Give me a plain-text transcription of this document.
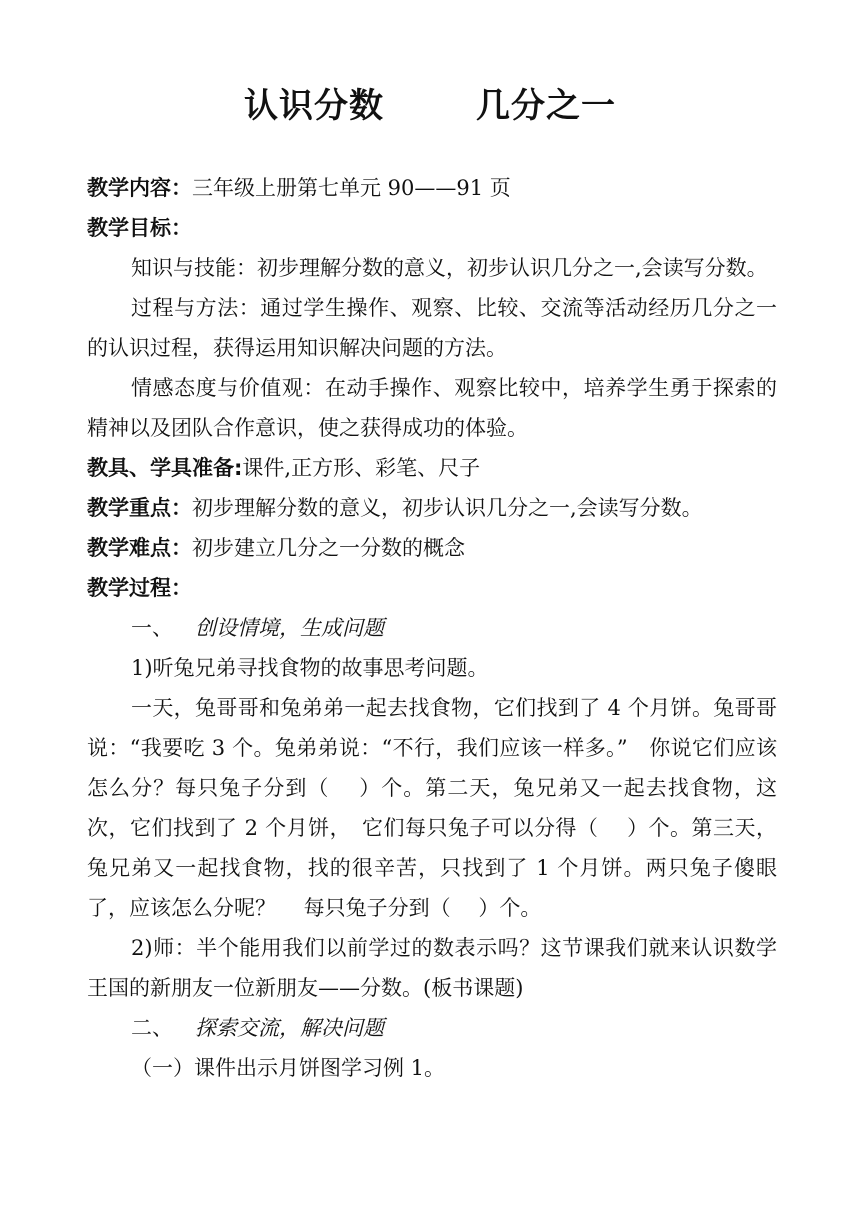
认识分数	几分之一

教学内容：三年级上册第七单元 90——91 页

教学目标：

知识与技能：初步理解分数的意义，初步认识几分之一,会读写分数。

过程与方法：通过学生操作、观察、比较、交流等活动经历几分之一的认识过程，获得运用知识解决问题的方法。

情感态度与价值观：在动手操作、观察比较中，培养学生勇于探索的精神以及团队合作意识，使之获得成功的体验。

教具、学具准备:课件,正方形、彩笔、尺子

教学重点：初步理解分数的意义，初步认识几分之一,会读写分数。

教学难点：初步建立几分之一分数的概念

教学过程：

一、 创设情境，生成问题

1)听兔兄弟寻找食物的故事思考问题。

一天，兔哥哥和兔弟弟一起去找食物，它们找到了 4 个月饼。兔哥哥说：“我要吃 3 个。兔弟弟说：“不行，我们应该一样多。”　你说它们应该怎么分？每只兔子分到（　 ）个。第二天，兔兄弟又一起去找食物，这次，它们找到了 2 个月饼，　它们每只兔子可以分得（　 ）个。第三天，兔兄弟又一起找食物，找的很辛苦，只找到了 1 个月饼。两只兔子傻眼了，应该怎么分呢？　 每只兔子分到（　 ）个。

2)师：半个能用我们以前学过的数表示吗？这节课我们就来认识数学王国的新朋友一位新朋友——分数。(板书课题)

二、 探索交流，解决问题

（一）课件出示月饼图学习例 1。
